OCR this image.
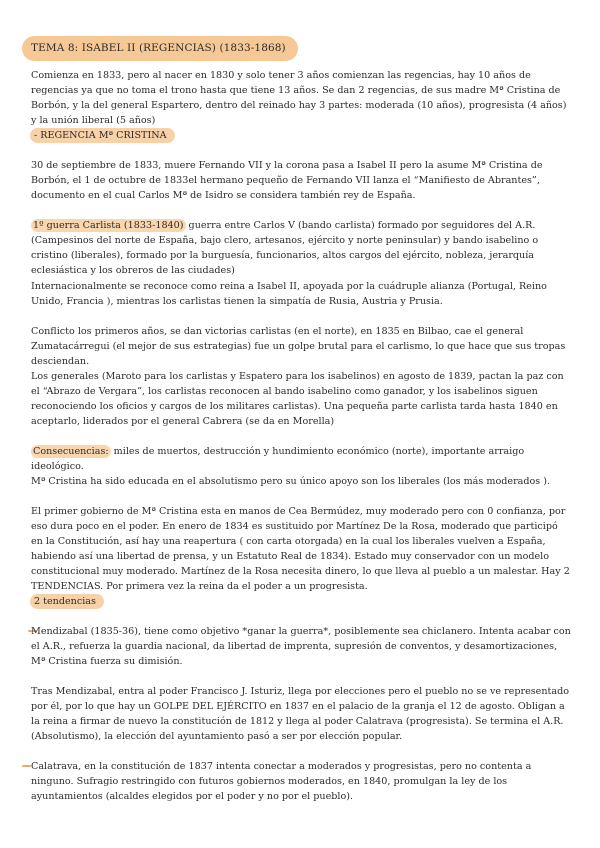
TEMA 8: ISABEL II (REGENCIAS) (1833-1868)

Comienza en 1833, pero al nacer en 1830 y solo tener 3 años comienzan las regencias, hay 10 años de regencias ya que no toma el trono hasta que tiene 13 años. Se dan 2 regencias, de sus madre Mª Cristina de Borbón, y la del general Espartero, dentro del reinado hay 3 partes: moderada (10 años), progresista (4 años) y la unión liberal (5 años)

- REGENCIA Mª CRISTINA

30 de septiembre de 1833, muere Fernando VII y la corona pasa a Isabel II pero la asume Mª Cristina de Borbón, el 1 de octubre de 1833el hermano pequeño de Fernando VII lanza el “Manifiesto de Abrantes”, documento en el cual Carlos Mª de Isidro se considera también rey de España.

1º guerra Carlista (1833-1840) guerra entre Carlos V (bando carlista) formado por seguidores del A.R. (Campesinos del norte de España, bajo clero, artesanos, ejército y norte peninsular) y bando isabelino o cristino (liberales), formado por la burguesía, funcionarios, altos cargos del ejército, nobleza, jerarquía eclesiástica y los obreros de las ciudades)

Internacionalmente se reconoce como reina a Isabel II, apoyada por la cuádruple alianza (Portugal, Reino Unido, Francia ), mientras los carlistas tienen la simpatía de Rusia, Austria y Prusia.

Conflicto los primeros años, se dan victorias carlistas (en el norte), en 1835 en Bilbao, cae el general Zumatacárregui (el mejor de sus estrategias) fue un golpe brutal para el carlismo, lo que hace que sus tropas desciendan.

Los generales (Maroto para los carlistas y Espatero para los isabelinos) en agosto de 1839, pactan la paz con el “Abrazo de Vergara”, los carlistas reconocen al bando isabelino como ganador, y los isabelinos siguen reconociendo los oficios y cargos de los militares carlistas). Una pequeña parte carlista tarda hasta 1840 en aceptarlo, liderados por el general Cabrera (se da en Morella)

Consecuencias: miles de muertos, destrucción y hundimiento económico (norte), importante arraigo ideológico.

Mª Cristina ha sido educada en el absolutismo pero su único apoyo son los liberales (los más moderados ).

El primer gobierno de Mª Cristina esta en manos de Cea Bermúdez, muy moderado pero con 0 confianza, por eso dura poco en el poder. En enero de 1834 es sustituido por Martínez De la Rosa, moderado que participó en la Constitución, así hay una reapertura ( con carta otorgada) en la cual los liberales vuelven a España, habiendo así una libertad de prensa, y un Estatuto Real de 1834). Estado muy conservador con un modelo constitucional muy moderado. Martínez de la Rosa necesita dinero, lo que lleva al pueblo a un malestar. Hay 2 TENDENCIAS. Por primera vez la reina da el poder a un progresista.

2 tendencias

Mendizabal (1835-36), tiene como objetivo *ganar la guerra*, posiblemente sea chiclanero. Intenta acabar con el A.R., refuerza la guardia nacional, da libertad de imprenta, supresión de conventos, y desamortizaciones, Mª Cristina fuerza su dimisión.

Tras Mendizabal, entra al poder Francisco J. Isturiz, llega por elecciones pero el pueblo no se ve representado por él, por lo que hay un GOLPE DEL EJÉRCITO en 1837 en el palacio de la granja el 12 de agosto. Obligan a la reina a firmar de nuevo la constitución de 1812 y llega al poder Calatrava (progresista). Se termina el A.R. (Absolutismo), la elección del ayuntamiento pasó a ser por elección popular.

Calatrava, en la constitución de 1837 intenta conectar a moderados y progresistas, pero no contenta a ninguno. Sufragio restringido con futuros gobiernos moderados, en 1840, promulgan la ley de los ayuntamientos (alcaldes elegidos por el poder y no por el pueblo).
